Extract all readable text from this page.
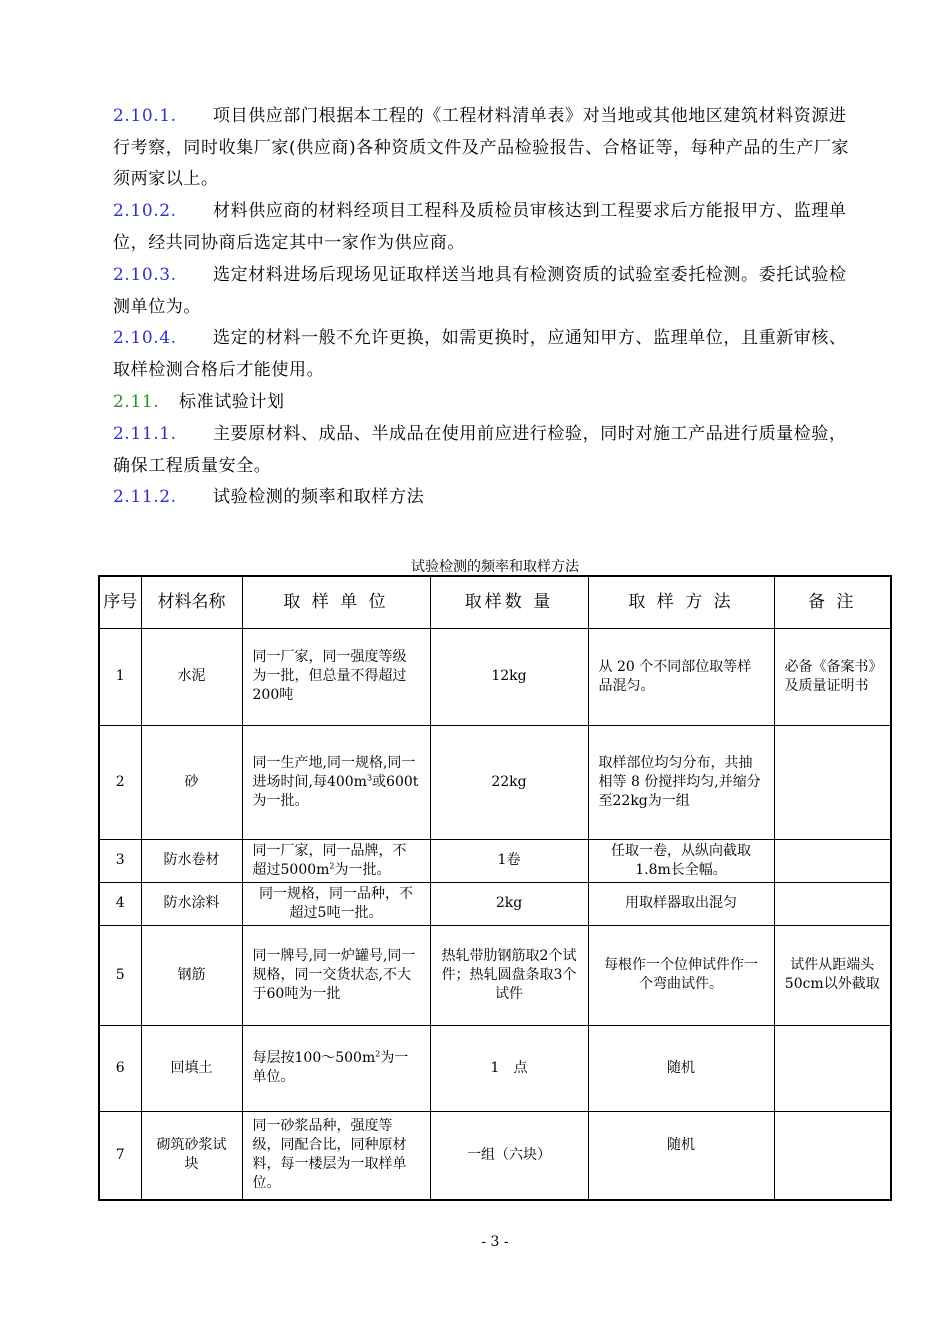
2.10.1. 项目供应部门根据本工程的《工程材料清单表》对当地或其他地区建筑材料资源进行考察，同时收集厂家(供应商)各种资质文件及产品检验报告、合格证等，每种产品的生产厂家须两家以上。
2.10.2. 材料供应商的材料经项目工程科及质检员审核达到工程要求后方能报甲方、监理单位，经共同协商后选定其中一家作为供应商。
2.10.3. 选定材料进场后现场见证取样送当地具有检测资质的试验室委托检测。委托试验检测单位为。
2.10.4. 选定的材料一般不允许更换，如需更换时，应通知甲方、监理单位，且重新审核、取样检测合格后才能使用。
2.11. 标准试验计划
2.11.1. 主要原材料、成品、半成品在使用前应进行检验，同时对施工产品进行质量检验，确保工程质量安全。
2.11.2. 试验检测的频率和取样方法
试验检测的频率和取样方法
序号	材料名称	取 样 单 位	取样数 量	取 样 方 法	备 注
1	水泥	同一厂家，同一强度等级为一批，但总量不得超过200吨	12kg	从 20 个不同部位取等样品混匀。	必备《备案书》及质量证明书
2	砂	同一生产地,同一规格,同一进场时间,每$400m^3$或600t为一批。	22kg	取样部位均匀分布，共抽相等 8 份搅拌均匀,并缩分至22kg为一组	
3	防水卷材	同一厂家，同一品牌，不超过$5000m^2$为一批。	1卷	任取一卷，从纵向截取1.8m长全幅。	
4	防水涂料	同一规格，同一品种，不超过5吨一批。	2kg	用取样器取出混匀	
5	钢筋	同一牌号,同一炉罐号,同一规格，同一交货状态,不大于60吨为一批	热轧带肋钢筋取2个试件；热轧圆盘条取3个试件	每根作一个位伸试件作一个弯曲试件。	试件从距端头50cm以外截取
6	回填土	每层按$100\sim 500m^2$为一单位。	1　点	随机	
7	砌筑砂浆试块	同一砂浆品种，强度等级，同配合比，同种原材料，每一楼层为一取样单位。	一组（六块）	随机	
- 3 -
